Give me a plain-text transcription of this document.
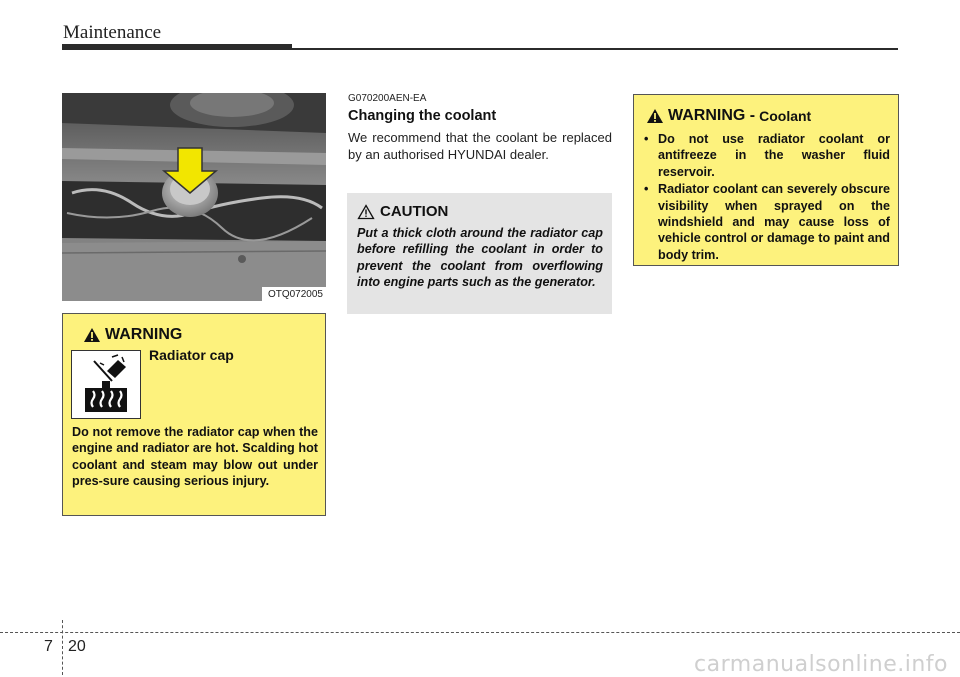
Maintenance
OTQ072005
WARNING
Radiator cap
Do not remove the radiator cap when the engine and radiator are hot. Scalding hot coolant and steam may blow out under pres-sure causing serious injury.
G070200AEN-EA
Changing the coolant
We recommend that the coolant be replaced by an authorised HYUNDAI dealer.
CAUTION
Put a thick cloth around the radiator cap before refilling the coolant in order to prevent the coolant from overflowing into engine parts such as the generator.
WARNING - Coolant
• Do not use radiator coolant or antifreeze in the washer fluid reservoir.
• Radiator coolant can severely obscure visibility when sprayed on the windshield and may cause loss of vehicle control or damage to paint and body trim.
7 20
carmanualsonline.info
